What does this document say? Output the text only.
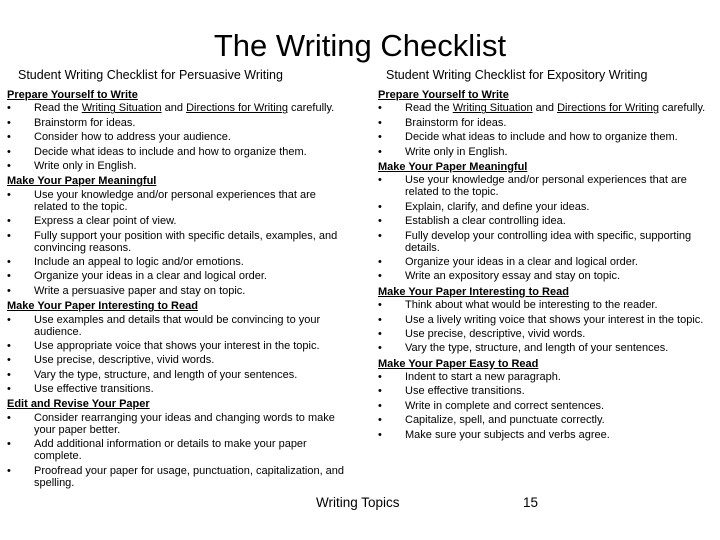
The Writing Checklist
Student Writing Checklist for Persuasive Writing
Prepare Yourself to Write
• Read the Writing Situation and Directions for Writing carefully.
• Brainstorm for ideas.
• Consider how to address your audience.
• Decide what ideas to include and how to organize them.
• Write only in English.
Make Your Paper Meaningful
• Use your knowledge and/or personal experiences that are related to the topic.
• Express a clear point of view.
• Fully support your position with specific details, examples, and convincing reasons.
• Include an appeal to logic and/or emotions.
• Organize your ideas in a clear and logical order.
• Write a persuasive paper and stay on topic.
Make Your Paper Interesting to Read
• Use examples and details that would be convincing to your audience.
• Use appropriate voice that shows your interest in the topic.
• Use precise, descriptive, vivid words.
• Vary the type, structure, and length of your sentences.
• Use effective transitions.
Edit and Revise Your Paper
• Consider rearranging your ideas and changing words to make your paper better.
• Add additional information or details to make your paper complete.
• Proofread your paper for usage, punctuation, capitalization, and spelling.
Student Writing Checklist for Expository Writing
Prepare Yourself to Write
• Read the Writing Situation and Directions for Writing carefully.
• Brainstorm for ideas.
• Decide what ideas to include and how to organize them.
• Write only in English.
Make Your Paper Meaningful
• Use your knowledge and/or personal experiences that are related to the topic.
• Explain, clarify, and define your ideas.
• Establish a clear controlling idea.
• Fully develop your controlling idea with specific, supporting details.
• Organize your ideas in a clear and logical order.
• Write an expository essay and stay on topic.
Make Your Paper Interesting to Read
• Think about what would be interesting to the reader.
• Use a lively writing voice that shows your interest in the topic.
• Use precise, descriptive, vivid words.
• Vary the type, structure, and length of your sentences.
Make Your Paper Easy to Read
• Indent to start a new paragraph.
• Use effective transitions.
• Write in complete and correct sentences.
• Capitalize, spell, and punctuate correctly.
• Make sure your subjects and verbs agree.
Writing Topics	15
